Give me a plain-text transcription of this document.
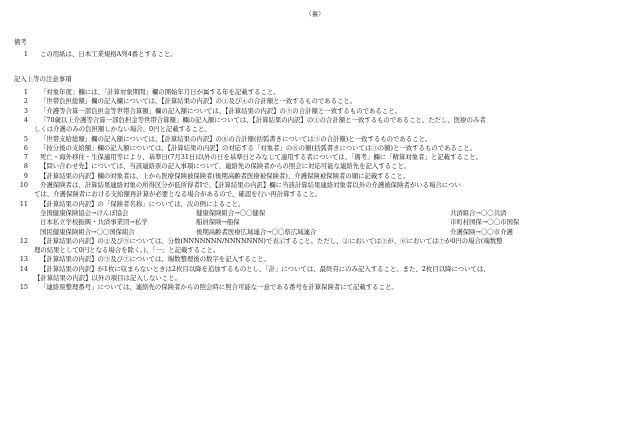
（裏）
備考
1 この用紙は、日本工業規格A列4番とすること。
記入上等の注意事項
1 「対象年度」欄には、「計算対象期間」欄の開始年月日が属する年を記載すること。
2 「世帯負担総額」欄の記入欄については、【計算結果の内訳】の①及び④の合計額と一致するものであること。
3 「介護等合算一部負担金等世帯合算額」欄の記入額については、【計算結果の内訳】の⑤の合計額と一致するものであること。
4 「70歳以上介護等合算一部負担金等世帯合算額」欄の記入額については、【計算結果の内訳】の①の合計額と一致するものであること。ただし、医療のみ者
しくは介護のみの負担額しかない場合、0円と記載すること。
5 「世帯支給総額」欄の記入額については、【計算結果の内訳】の⑧の合計額(括弧書きについては③の合計額)と一致するものであること。
6 「按分後の支給額」欄の記入額については、【計算結果の内訳】の対応する「対象者」の⑧の額(括弧書きについては③の額)と一致するものであること。
7 死亡・海外移住・生保適用等により、基準日(7月31日)以外の日を基準日とみなして適用する者については、「備考」欄に「精算対象者」と記載すること。
8 【問い合わせ先】については、当該連絡票の記入事項について、連絡先の保険者からの照会に対応可能な連絡先を記入すること。
9 【計算結果の内訳】欄の対象者は、上から医療保険被保険者(後期高齢者医療被保険者)、介護保険被保険者の順に記載すること。
10 介護保険者は、計算結果連絡対象の所得区分が低所得者Ⅰで、【計算結果の内訳】欄に当該計算結果連絡対象者以外の介護被保険者がいる場合につい
ては、介護保険者における支給額再計算が必要となる場合があるので、確認を行い再計算すること。
11 【計算結果の内訳】の「保険者名称」については、次の例によること。
全国健康保険協会→けんぽ協会	健康保険組合→〇〇健保	共済組合→〇〇共済
日本私立学校振興・共済事業団→私学	船員保険→船保	市町村国保→〇〇市国保
国民健康保険組合→〇〇国保組合	後期高齢者医療広域連合→〇〇県広域連合	介護保険→〇〇市介護
12 【計算結果の内訳】の②及び⑤については、分数(NNNNNNN/NNNNNNN)で表示すること。ただし、②においては③が、⑥においては⑦が0円の場合(端数整
理の結果として0円となる場合を除く。)、「一」と記載すること。
13 【計算結果の内訳】の③及び⑦については、端数整理後の数字を記入すること。
14 【計算結果の内訳】が1枚に収まらないときは2枚目以降を追加するものとし、「計」については、最終頁にのみ記入すること。また、2枚目以降については、
【計算結果の内訳】以外の項目は記入しないこと。
15 「連絡票整理番号」については、連絡先の保険者からの照会時に照合可能な一意である番号を計算保険者にて記載すること。
